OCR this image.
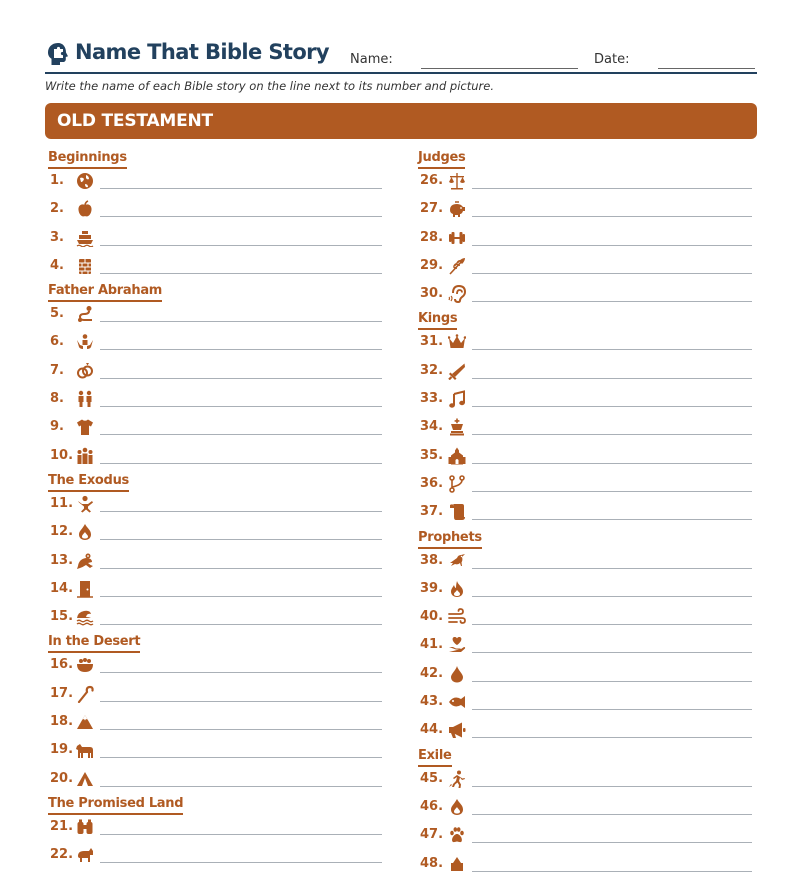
Name That Bible Story Name:	Date:
Write the name of each Bible story on the line next to its number and picture.
OLD TESTAMENT
Beginnings
1.
2.
3.
4.
Father Abraham
5.
6.
7.
8.
9.
10.
The Exodus
11.
12.
13.
14.
15.
In the Desert
16.
17.
18.
19.
20.
The Promised Land
21.
22.
Judges
26.
27.
28.
29.
30.
Kings
31.
32.
33.
34.
35.
36.
37.
Prophets
38.
39.
40.
41.
42.
43.
44.
Exile
45.
46.
47.
48.
